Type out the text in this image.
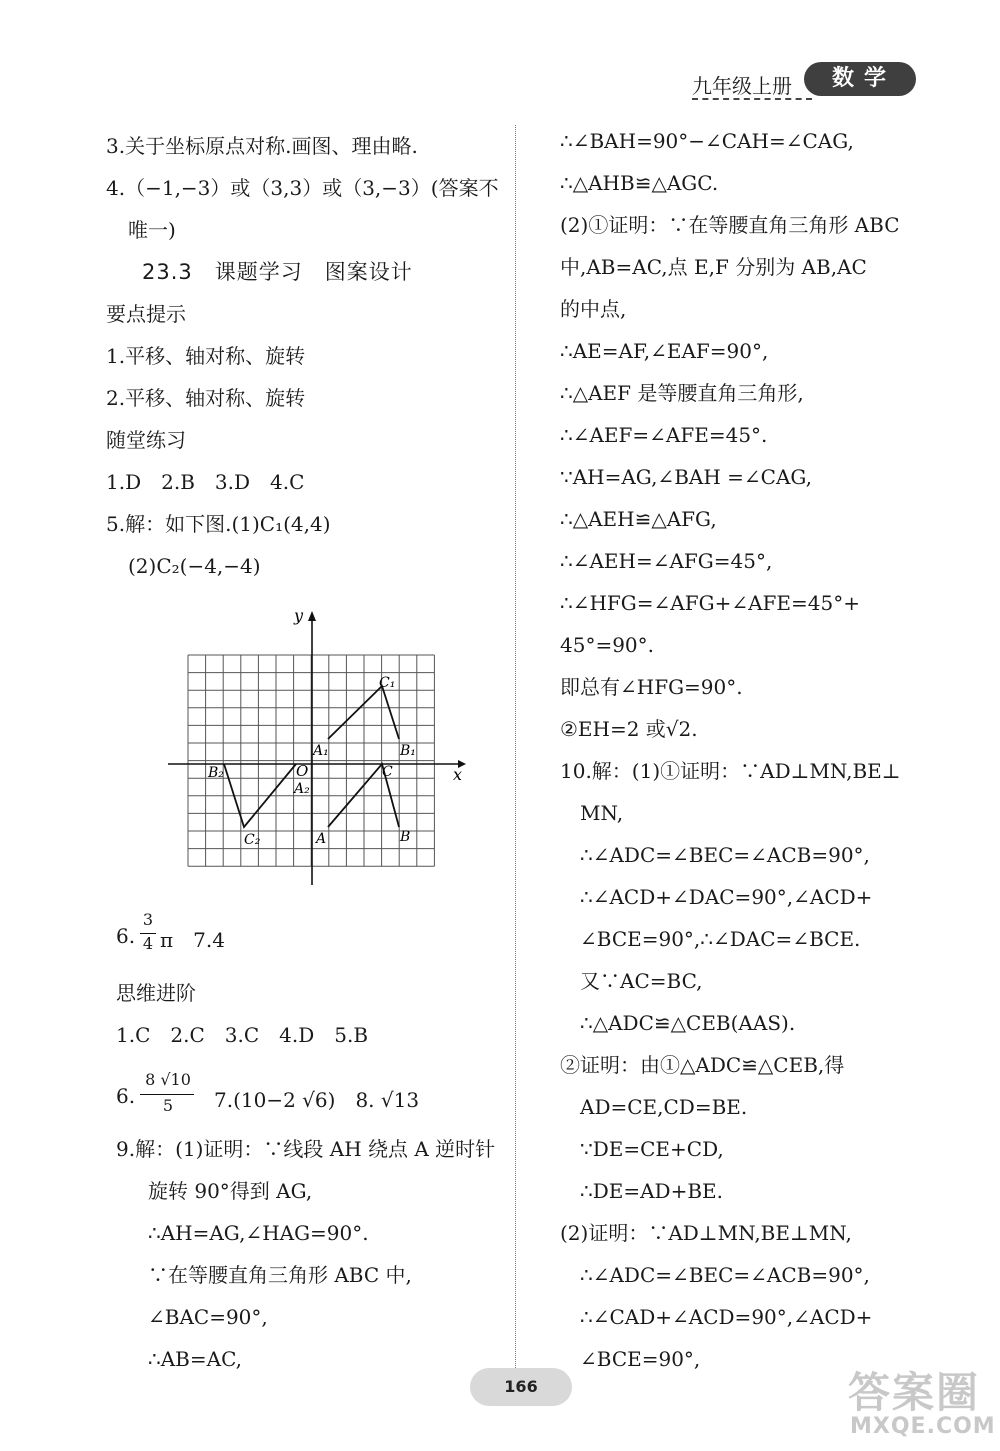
九年级上册	数学
3.关于坐标原点对称.画图、理由略.
4.（−1,−3）或（3,3）或（3,−3）(答案不
唯一)
23.3　课题学习　图案设计
要点提示
1.平移、轴对称、旋转
2.平移、轴对称、旋转
随堂练习
1.D　2.B　3.D　4.C
5.解：如下图.(1)C₁(4,4)
(2)C₂(−4,−4)
y
x
O
C₁
B₁
A₁
B₂
A₂
C₂	A	B
C
6.
3
4 π　7.4
思维进阶
1.C　2.C　3.C　4.D　5.B
6.
8 √10
5	7.(10−2 √6)　8. √13
9.解：(1)证明：∵线段 AH 绕点 A 逆时针
旋转 90°得到 AG,
∴AH=AG,∠HAG=90°.
∵在等腰直角三角形 ABC 中,
∠BAC=90°,
∴AB=AC,
∴∠BAH=90°−∠CAH=∠CAG,
∴△AHB≌△AGC.
(2)①证明：∵在等腰直角三角形 ABC
中,AB=AC,点 E,F 分别为 AB,AC
的中点,
∴AE=AF,∠EAF=90°,
∴△AEF 是等腰直角三角形,
∴∠AEF=∠AFE=45°.
∵AH=AG,∠BAH =∠CAG,
∴△AEH≌△AFG,
∴∠AEH=∠AFG=45°,
∴∠HFG=∠AFG+∠AFE=45°+
45°=90°.
即总有∠HFG=90°.
②EH=2 或√2.
10.解：(1)①证明：∵AD⊥MN,BE⊥
MN,
∴∠ADC=∠BEC=∠ACB=90°,
∴∠ACD+∠DAC=90°,∠ACD+
∠BCE=90°,∴∠DAC=∠BCE.
又∵AC=BC,
∴△ADC≌△CEB(AAS).
②证明：由①△ADC≌△CEB,得
AD=CE,CD=BE.
∵DE=CE+CD,
∴DE=AD+BE.
(2)证明：∵AD⊥MN,BE⊥MN,
∴∠ADC=∠BEC=∠ACB=90°,
∴∠CAD+∠ACD=90°,∠ACD+
∠BCE=90°,
166	答案圈
MXQE.COM
